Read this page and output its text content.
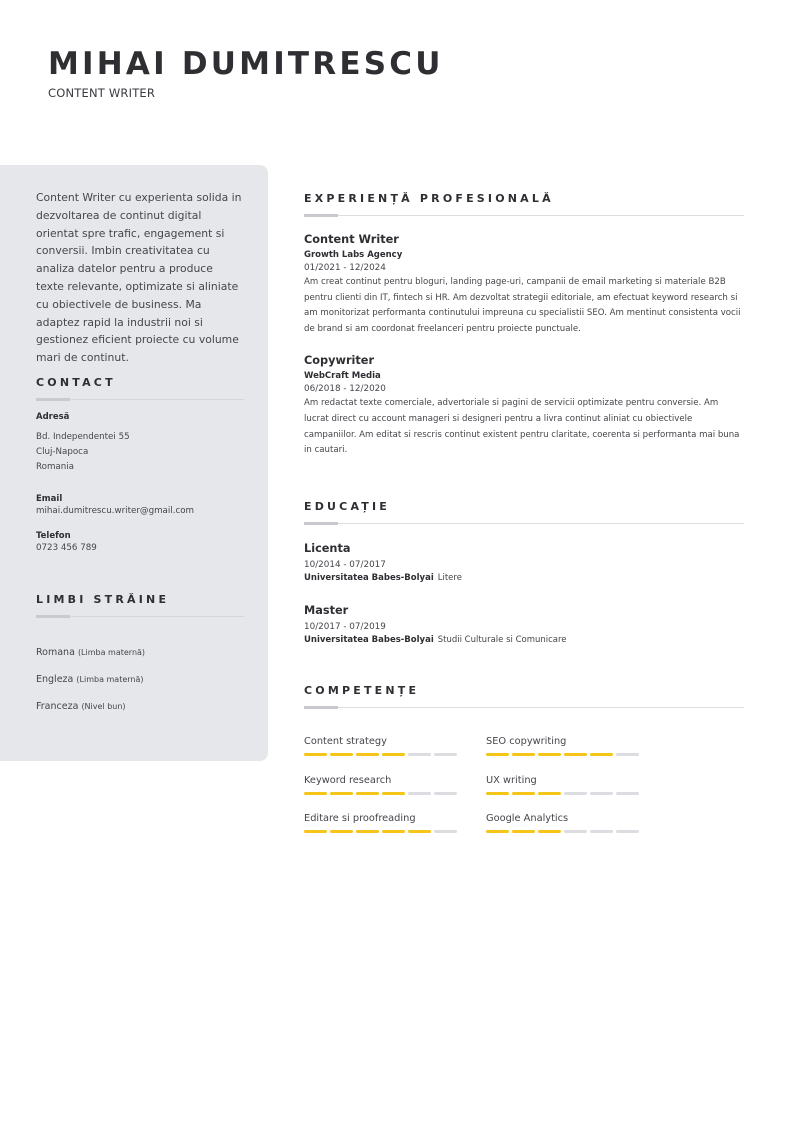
MIHAI DUMITRESCU
CONTENT WRITER

Content Writer cu experienta solida in dezvoltarea de continut digital orientat spre trafic, engagement si conversii. Imbin creativitatea cu analiza datelor pentru a produce texte relevante, optimizate si aliniate cu obiectivele de business. Ma adaptez rapid la industrii noi si gestionez eficient proiecte cu volume mari de continut.

CONTACT
Adresă
Bd. Independentei 55
Cluj-Napoca
Romania
Email
mihai.dumitrescu.writer@gmail.com
Telefon
0723 456 789
LIMBI STRĂINE
Romana (Limba maternă)
Engleza (Limba maternă)
Franceza (Nivel bun)
EXPERIENȚĂ PROFESIONALĂ
Content Writer
Growth Labs Agency
01/2021 - 12/2024

Am creat continut pentru bloguri, landing page-uri, campanii de email marketing si materiale B2B pentru clienti din IT, fintech si HR. Am dezvoltat strategii editoriale, am efectuat keyword research si am monitorizat performanta continutului impreuna cu specialistii SEO. Am mentinut consistenta vocii de brand si am coordonat freelanceri pentru proiecte punctuale.

Copywriter
WebCraft Media
06/2018 - 12/2020

Am redactat texte comerciale, advertoriale si pagini de servicii optimizate pentru conversie. Am lucrat direct cu account manageri si designeri pentru a livra continut aliniat cu obiectivele campaniilor. Am editat si rescris continut existent pentru claritate, coerenta si performanta mai buna in cautari.

EDUCAȚIE
Licenta
10/2014 - 07/2017
Universitatea Babes-Bolyai Litere
Master
10/2017 - 07/2019
Universitatea Babes-Bolyai Studii Culturale si Comunicare
COMPETENȚE
Content strategy	SEO copywriting
Keyword research	UX writing
Editare si proofreading	Google Analytics
